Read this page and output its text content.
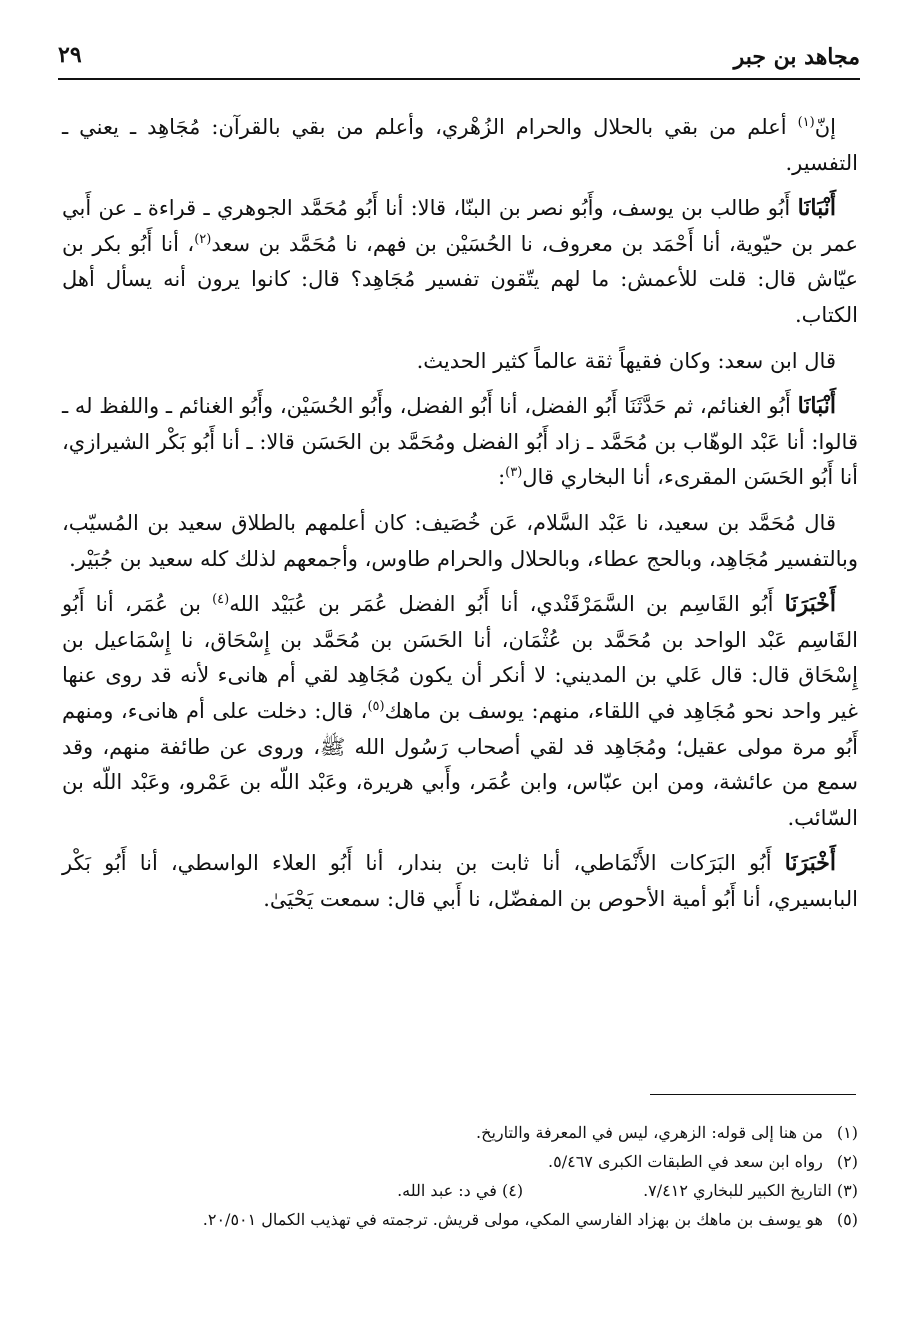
مجاهد بن جبر
٢٩

إنّ$^{(١)}$ أعلم من بقي بالحلال والحرام الزُهْري، وأعلم من بقي بالقرآن: مُجَاهِد ـ يعني ـ التفسير.

أَنْبَانَا أَبُو طالب بن يوسف، وأَبُو نصر بن البنّا، قالا: أنا أَبُو مُحَمَّد الجوهري ـ قراءة ـ عن أَبي عمر بن حيّوية، أنا أَحْمَد بن معروف، نا الحُسَيْن بن فهم، نا مُحَمَّد بن سعد$^{(٢)}$، أنا أَبُو بكر بن عيّاش قال: قلت للأعمش: ما لهم يتّقون تفسير مُجَاهِد؟ قال: كانوا يرون أنه يسأل أهل الكتاب.

قال ابن سعد: وكان فقيهاً ثقة عالماً كثير الحديث.

أَنْبَانَا أَبُو الغنائم، ثم حَدَّثَنَا أَبُو الفضل، أنا أَبُو الفضل، وأَبُو الحُسَيْن، وأَبُو الغنائم ـ واللفظ له ـ قالوا: أنا عَبْد الوهّاب بن مُحَمَّد ـ زاد أَبُو الفضل ومُحَمَّد بن الحَسَن قالا: ـ أنا أَبُو بَكْر الشيرازي، أنا أَبُو الحَسَن المقرىء، أنا البخاري قال$^{(٣)}$:

قال مُحَمَّد بن سعيد، نا عَبْد السَّلام، عَن خُصَيف: كان أعلمهم بالطلاق سعيد بن المُسيّب، وبالتفسير مُجَاهِد، وبالحج عطاء، وبالحلال والحرام طاوس، وأجمعهم لذلك كله سعيد بن جُبَيْر.

أَخْبَرَنَا أَبُو القَاسِم بن السَّمَرْقَنْدي، أنا أَبُو الفضل عُمَر بن عُبَيْد الله$^{(٤)}$ بن عُمَر، أنا أَبُو القَاسِم عَبْد الواحد بن مُحَمَّد بن عُثْمَان، أنا الحَسَن بن مُحَمَّد بن إِسْحَاق، نا إِسْمَاعيل بن إِسْحَاق قال: قال عَلي بن المديني: لا أنكر أن يكون مُجَاهِد لقي أم هانىء لأنه قد روى عنها غير واحد نحو مُجَاهِد في اللقاء، منهم: يوسف بن ماهك$^{(٥)}$، قال: دخلت على أم هانىء، ومنهم أَبُو مرة مولى عقيل؛ ومُجَاهِد قد لقي أصحاب رَسُول الله ﷺ، وروى عن طائفة منهم، وقد سمع من عائشة، ومن ابن عبّاس، وابن عُمَر، وأَبي هريرة، وعَبْد اللّه بن عَمْرو، وعَبْد اللّه بن السّائب.

أَخْبَرَنَا أَبُو البَرَكات الأَنْمَاطي، أنا ثابت بن بندار، أنا أَبُو العلاء الواسطي، أنا أَبُو بَكْر البابسيري، أنا أَبُو أمية الأحوص بن المفضّل، نا أَبي قال: سمعت يَحْيَىٰ.

(١) من هنا إلى قوله: الزهري، ليس في المعرفة والتاريخ.
(٢) رواه ابن سعد في الطبقات الكبرى ٥/٤٦٧.
(٣) التاريخ الكبير للبخاري ٧/٤١٢.(٤) في د: عبد الله.
(٥) هو يوسف بن ماهك بن بهزاد الفارسي المكي، مولى قريش. ترجمته في تهذيب الكمال ٢٠/٥٠١.
